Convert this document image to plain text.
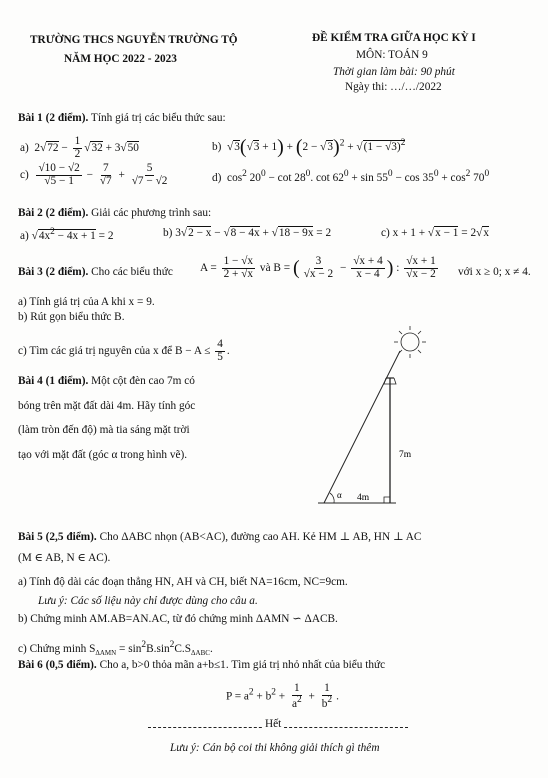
TRƯỜNG THCS NGUYỄN TRƯỜNG TỘ
NĂM HỌC 2022 - 2023
ĐỀ KIỂM TRA GIỮA HỌC KỲ I
MÔN: TOÁN 9
Thời gian làm bài: 90 phút
Ngày thi: …/…/2022
Bài 1 (2 điểm). Tính giá trị các biểu thức sau:
a)  $2√72 - \frac{1}{2} √32 + 3√50$	b)  $√3(√3 + 1) + (2 - √3)^2 + √(1 - √3)^2$
$c) \frac{√10 - √2}{√5 - 1} - \frac{7}{√7} + \frac{5}{√7 - √2}$	d)  $\cos^2 20^0 - \cot 28^0$. $\cot 62^0 + \sin 55^0 - \cos 35^0 + \cos^2 70^0$
Bài 2 (2 điểm). Giải các phương trình sau:
a) $√4x^2 - 4x + 1 = 2$	b) 3√2 − x − √8 − 4x + √18 − 9x = 2	c) x + 1 + √x − 1 = 2√x
Bài 3 (2 điểm). Cho các biểu thức $A = \frac{1 - √x}{2 + √x}$ và B = ( $\frac{3}{√x - 2} - \frac{√x + 4}{x - 4}$ ) : $\frac{√x + 1}{√x - 2}$ với x ≥ 0; x ≠ 4.
a) Tính giá trị của A khi x = 9.
b) Rút gọn biểu thức B.
c) Tìm các giá trị nguyên của x để $B - A \le \frac{4}{5}$ .
Bài 4 (1 điểm). Một cột đèn cao 7m có
bóng trên mặt đất dài 4m. Hãy tính góc
(làm tròn đến độ) mà tia sáng mặt trời
tạo với mặt đất (góc α trong hình vẽ).
α
7m
4m
Bài 5 (2,5 điểm). Cho ΔABC nhọn (AB<AC), đường cao AH. Kẻ HM ⊥ AB, HN ⊥ AC
(M ∈ AB, N ∈ AC).
a) Tính độ dài các đoạn thẳng HN, AH và CH, biết NA=16cm, NC=9cm.
Lưu ý: Các số liệu này chỉ được dùng cho câu a.
b) Chứng minh AM.AB=AN.AC, từ đó chứng minh ΔAMN ∽ ΔACB.
c) Chứng minh $S_{\Delta AMN} = \sin^2B.\sin^2C.S_{\Delta ABC}$.
Bài 6 (0,5 điểm). Cho a, b>0 thỏa mãn a+b≤1. Tìm giá trị nhỏ nhất của biểu thức
$P = a^2 + b^2 + \frac{1}{a^2} + \frac{1}{b^2}$ .
Hết
Lưu ý: Cán bộ coi thi không giải thích gì thêm
